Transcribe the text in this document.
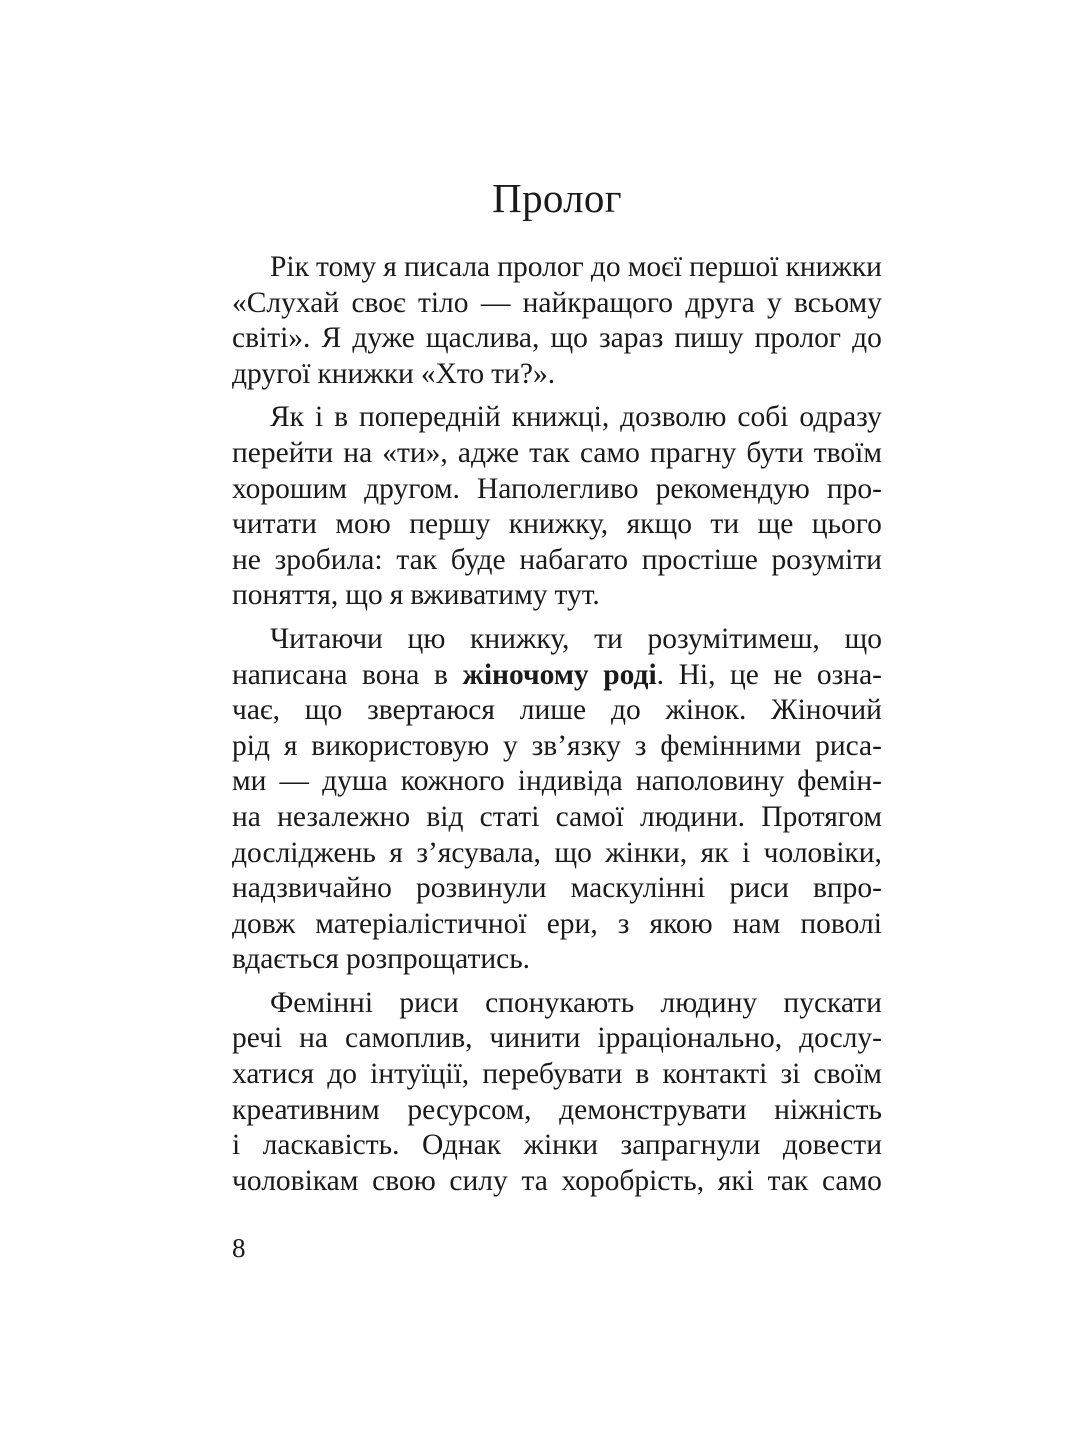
Пролог
Рік тому я писала пролог до моєї першої книжки
«Слухай своє тіло — найкращого друга у всьому
світі». Я дуже щаслива, що зараз пишу пролог до
другої книжки «Хто ти?».
Як і в попередній книжці, дозволю собі одразу
перейти на «ти», адже так само прагну бути твоїм
хорошим другом. Наполегливо рекомендую про-
читати мою першу книжку, якщо ти ще цього
не зробила: так буде набагато простіше розуміти
поняття, що я вживатиму тут.
Читаючи цю книжку, ти розумітимеш, що
написана вона в жіночому роді. Ні, це не озна-
чає, що звертаюся лише до жінок. Жіночий
рід я використовую у зв’язку з фемінними риса-
ми — душа кожного індивіда наполовину фемін-
на незалежно від статі самої людини. Протягом
досліджень я з’ясувала, що жінки, як і чоловіки,
надзвичайно розвинули маскулінні риси впро-
довж матеріалістичної ери, з якою нам поволі
вдається розпрощатись.
Фемінні риси спонукають людину пускати
речі на самоплив, чинити ірраціонально, дослу-
хатися до інтуїції, перебувати в контакті зі своїм
креативним ресурсом, демонструвати ніжність
і ласкавість. Однак жінки запрагнули довести
чоловікам свою силу та хоробрість, які так само
8
